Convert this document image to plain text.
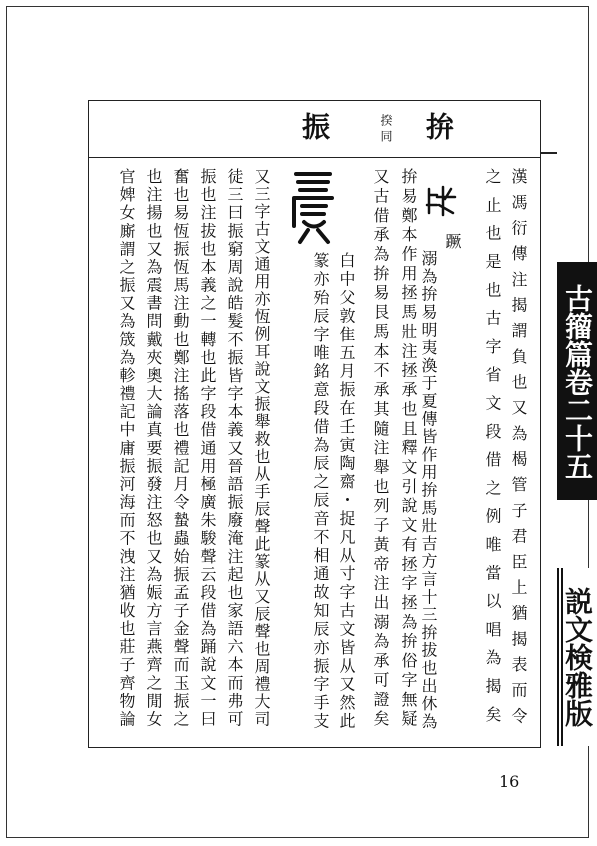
振	揆
同 拚
漢馮衍傳注揭謂負也又為楬管子君臣上猶揭表而令
之止也是也古字省文段借之例唯當以唱為揭矣
拚易鄭本作用拯馬壯注拯承也且釋文引說文有拯字拯為拚俗字無疑
又古借承為拚易艮馬本不承其隨注舉也列子黃帝注出溺為承可證矣	蹶
溺為拚易明夷渙于夏傳皆作用拚馬壯吉方言十三拚拔也出休為
白中父敦隹五月振在壬寅陶齋・捉凡从寸字古文皆从又然此
篆亦殆辰字唯銘意段借為辰之辰音不相通故知辰亦振字手支
又三字古文通用亦恆例耳說文振舉救也从手辰聲此篆从又辰聲也周禮大司
徒三曰振窮周說皓髮不振皆字本義又晉語振廢淹注起也家語六本而弗可
振也注拔也本義之一轉也此字段借通用極廣朱駿聲云段借為踊說文一曰
奮也易恆振恆馬注動也鄭注搖落也禮記月令蟄蟲始振孟子金聲而玉振之
也注揚也又為震書問戴夾奧大論真要振發注怒也又為娠方言燕齊之閒女
官婢女廝謂之振又為筬為軫禮記中庸振河海而不洩注猶收也莊子齊物論	古籀篇卷二十五
説文検雅版
16
